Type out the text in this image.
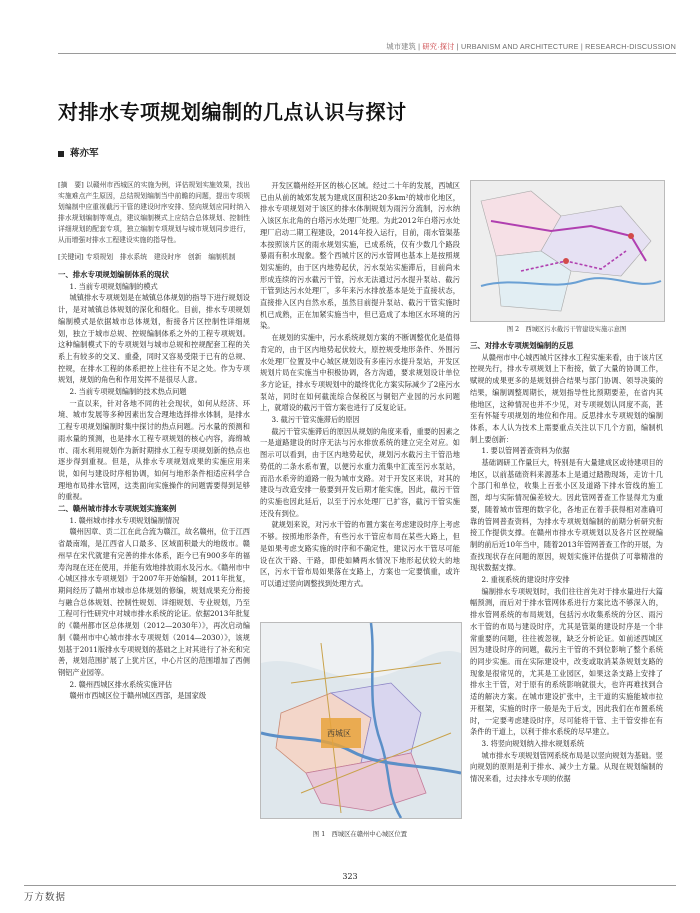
城市建筑 | 研究·探讨 | URBANISM AND ARCHITECTURE | RESEARCH-DISCUSSION
对排水专项规划编制的几点认识与探讨
蒋亦军

[摘　要] 以赣州市西城区的实施为例，详估规划实施效果，找出实施难点产生原因，总结规划编制当中前瞻的问题，提出专项规划编制中应重视截污干管的建设时序安排、竖向规划应同时纳入排水规划编制等观点，建议编制模式上应结合总体规划、控制性详细规划的配套专项，独立编制专项规划与城市规划同步进行，从而增强对排水工程建设实施的指导性。

[关键词] 专项规划　排水系统　建设时序　创新　编制机制

一、排水专项规划编制体系的现状
1. 当前专项规划编制的模式

城镇排水专项规划是在城镇总体规划的指导下进行规划设计，是对城镇总体规划的深化和细化。目前，排水专项规划编制模式是依据城市总体规划，衔接各片区控制性详细规划，独立于城市总规、控规编制体系之外的工程专项规划。这种编制模式下的专项规划与城市总规和控规配套工程的关系上有较多的交叉、重叠，同时又容易受限于已有的总规、控规，在排水工程的体系把控上往往有不足之处。作为专项规划，规划的角色和作用发挥不是很尽人意。

2. 当前专项规划编制的技术热点问题

一直以来，针对各地不同的社会现状，如何从经济、环境、城市发展等多种因素出发合理地选择排水体制，是排水工程专项规划编制时集中探讨的热点问题。污水量的预测和雨水量的预测，也是排水工程专项规划的核心内容，海绵城市、雨水利用规划作为新时期排水工程专项规划新的热点也逐步得到重视。但是，从排水专项规划成果的实施应用来说，如何与建设时序相协调，如何与地形条件相适应科学合理地布局排水管网，这类面向实施操作的问题需要得到足够的重视。

二、赣州城市排水专项规划实施案例
1. 赣州城市排水专项规划编制情况

赣州因章、贡二江在此合流为赣江，故名赣州，位于江西省最南端，是江西省人口最多、区域面积最大的地级市。赣州早在宋代就建有完善的排水体系，距今已有900多年的福寿沟现在还在使用，并能有效地排放雨水及污水。《赣州市中心城区排水专项规划》于2007年开始编制，2011年批复，期间经历了赣州市城市总体规划的修编，规划成果充分衔接与融合总体规划、控制性规划、详细规划、专业规划，乃至工程可行性研究中对城市排水系统的论证。依据2013年批复的《赣州都市区总体规划（2012—2030年）》，再次启动编制《赣州市中心城市排水专项规划（2014—2030）》，该规划基于2011版排水专项规划的基础之上对其进行了补充和完善，规划范围扩展了上犹片区，中心片区的范围增加了西侧钢铝产业园等。

2. 赣州西城区排水系统实施评估

赣州市西城区位于赣州城区西部，是国家级

开发区赣州经开区的核心区域。经过二十年的发展，西城区已由从前的城郊发展为建成区面积达20多km²的城市化地区，排水专项规划对于该区的排水体制规划为雨污分流制，污水纳入该区东北角的白塔污水处理厂处理。为此2012年白塔污水处理厂启动二期工程建设，2014年投入运行，目前，雨水管渠基本按照该片区的雨水规划实施，已成系统，仅有少数几个路段暴雨有积水现象。整个西城片区的污水管网也基本上是按照规划实施的，由于区内地势起伏，污水泵站实施滞后，目前尚未形成连续的污水截污干管，污水无法通过污水提升泵站、截污干管到达污水处理厂，多年来污水排放基本是处于直接状态，直接排入区内自然水系，虽然目前提升泵站、截污干管实施时机已成熟，正在加紧实施当中，但已造成了本地区水环境的污染。

在规划的实施中，污水系统规划方案的不断调整优化是值得肯定的，由于区内地势起伏较大，原控规受地形条件、外围污水处理厂位置及中心城区规划设有多座污水提升泵站，开发区规划片局在实施当中积极协调，各方沟通，要求规划设计单位多方论证，排水专项规划中的最终优化方案实际减少了2座污水泵站，同时在如何截流综合保税区与铜铝产业园的污水问题上，就增设的截污干管方案也进行了反复论证。

3. 截污干管实施滞后的原因

截污干管实施滞后的原因从规划的角度来看，重要的因素之一是道路建设的时序无法与污水排放系统的建立完全对应。如图示可以看到，由于区内地势起伏，规划污水截污主干管沿地势低的二条水系布置，以便污水重力流集中汇流至污水泵站，而沿水系旁的道路一般为城市支路。对于开发区来说，对其的建设与改造安排一般要到开发后期才能实施，因此，截污干管的实施也因此延后，以至于污水处理厂已扩容，截污干管实施还没有到位。

就规划来说，对污水干管的布置方案在考虑建设时序上考虑不够。按照地形条件，有些污水干管应布局在某些大路上，但是如果考虑支路实施的时序和不确定性，建议污水干管尽可能设在次干路、干路，即使如鳞两水情况下地形起伏较大的地区，污水干管布局如果落在支路上，方案也一定要慎重，或许可以通过竖向调整找到处理方式。

西城区
图 1　西城区在赣州中心城区位置
图 2　西城区污水截污干管建设实施示意图
三、对排水专项规划编制的反思

从赣州市中心城西城片区排水工程实施来看，由于该片区控规先行，排水专项规划上下衔接，做了大量的协调工作，赋规的成果更多的是规划拼合结果与部门协调、领导决策的结果，编制调整周期长，规划指导性比预期要差，在省内其他地区，这种情况也并不少见，对专项规划认同度不高，甚至有怀疑专项规划的地位和作用。反思排水专项规划的编制体系，本人认为技术上需要重点关注以下几个方面，编制机制上要创新：

1. 要以管网普查资料为依据

基础调研工作量巨大，特别是有大量建成区或待建项目的地区，以前基础资料来源基本上是通过踏勘现场，走访十几个部门和单位，收集上百张小区及道路下排水管线的施工图，却与实际情况偏差较大。因此管网普查工作显得尤为重要，随着城市管理的数字化，各地正在着手获得相对准确可靠的管网普查资料，为排水专项规划编制的前期分析研究衔接工作提供支撑。在赣州市排水专项规划以及各片区控规编制的前后近10年当中，随着2013年管网普查工作的开展，为查找现状存在问题的原因，规划实施评估提供了可靠精准的现状数据支撑。

2. 重视系统的建设时序安排

编制排水专项规划时，我们往往首先对于排水量进行大篇幅预测，而后对于排水管网体系进行方案比选不够深入的，排水管网系统的布局规划，包括污水收集系统的分区、雨污水干管的布局与建设时序，尤其是管渠的建设时序是一个非常重要的问题，往往被忽视，缺乏分析论证。如前述西城区因为建设时序的问题，截污主干管的不到位影响了整个系统的同步实施。而在实际建设中，改变或取消某条规划支路的现象是很常见的，尤其是工业园区，如果这条支路上安排了排水主干管，对于原有的系统影响就很大，也许再难找到合适的解决方案。在城市建设扩张中，主干道的实施能城市拉开框架，实施的时序一般是先于后支，因此我们在布置系统时，一定要考虑建设时序，尽可能将干管、主干管安排在有条件的干道上，以利于排水系统的尽早建立。

3. 将竖向规划纳入排水规划系统

城市排水专项规划管网系统布局是以竖向规划为基础。竖向规划的原则是利于排水、减少土方量。从现在规划编制的情况来看，过去排水专项的依据

323
万方数据
